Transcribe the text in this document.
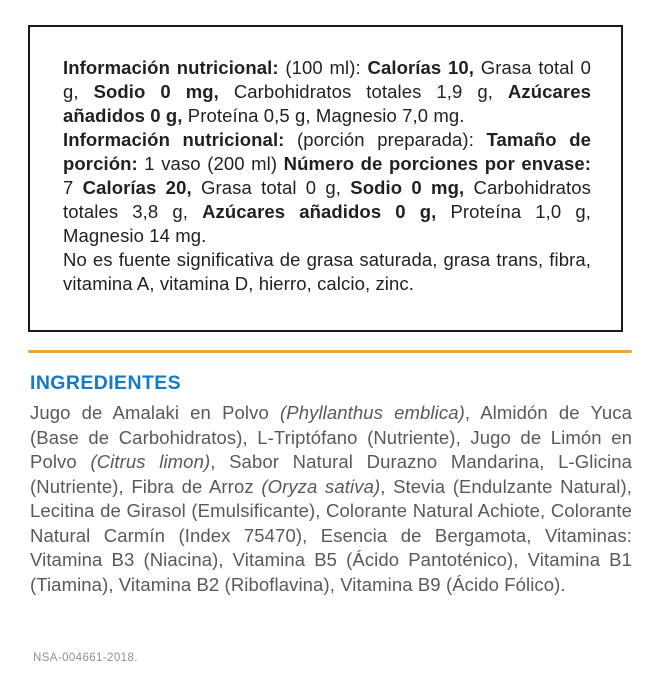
Información nutricional: (100 ml): Calorías 10, Grasa total 0 g, Sodio 0 mg, Carbohidratos totales 1,9 g, Azúcares añadidos 0 g, Proteína 0,5 g, Magnesio 7,0 mg.

Información nutricional: (porción preparada): Tamaño de porción: 1 vaso (200 ml) Número de porciones por envase: 7 Calorías 20, Grasa total 0 g, Sodio 0 mg, Carbohidratos totales 3,8 g, Azúcares añadidos 0 g, Proteína 1,0 g, Magnesio 14 mg.

No es fuente significativa de grasa saturada, grasa trans, fibra, vitamina A, vitamina D, hierro, calcio, zinc.

INGREDIENTES

Jugo de Amalaki en Polvo (Phyllanthus emblica), Almidón de Yuca (Base de Carbohidratos), L-Triptófano (Nutriente), Jugo de Limón en Polvo (Citrus limon), Sabor Natural Durazno Mandarina, L-Glicina (Nutriente), Fibra de Arroz (Oryza sativa), Stevia (Endulzante Natural), Lecitina de Girasol (Emulsificante), Colorante Natural Achiote, Colorante Natural Carmín (Index 75470), Esencia de Bergamota, Vitaminas: Vitamina B3 (Niacina), Vitamina B5 (Ácido Pantoténico), Vitamina B1 (Tiamina), Vitamina B2 (Riboflavina), Vitamina B9 (Ácido Fólico).

NSA-004661-2018.
